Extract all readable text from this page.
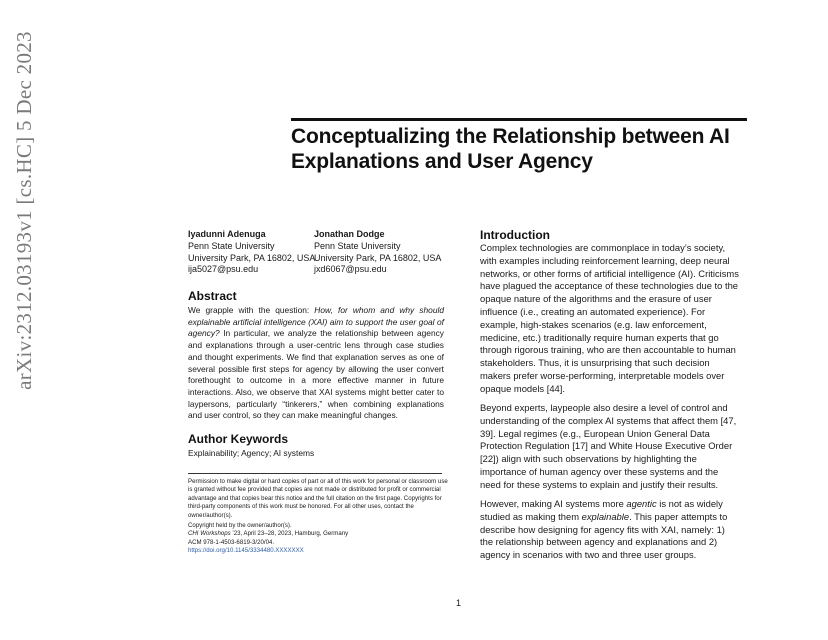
arXiv:2312.03193v1 [cs.HC] 5 Dec 2023	Conceptualizing the Relationship between AI Explanations and User Agency
Iyadunni Adenuga
Penn State University
University Park, PA 16802, USA
ija5027@psu.edu
Jonathan Dodge
Penn State University
University Park, PA 16802, USA
jxd6067@psu.edu
Abstract

We grapple with the question: How, for whom and why should explainable artificial intelligence (XAI) aim to support the user goal of agency? In particular, we analyze the relationship between agency and explanations through a user-centric lens through case studies and thought experiments. We find that explanation serves as one of several possible first steps for agency by allowing the user convert forethought to outcome in a more effective manner in future interactions. Also, we observe that XAI systems might better cater to laypersons, particularly “tinkerers,” when combining explanations and user control, so they can make meaningful changes.

Author Keywords

Explainability; Agency; AI systems

Permission to make digital or hard copies of part or all of this work for personal or classroom use is granted without fee provided that copies are not made or distributed for profit or commercial advantage and that copies bear this notice and the full citation on the first page. Copyrights for third-party components of this work must be honored. For all other uses, contact the owner/author(s).

Copyright held by the owner/author(s).
CHI Workshops ’23, April 23–28, 2023, Hamburg, Germany
ACM 978-1-4503-6819-3/20/04.
https://doi.org/10.1145/3334480.XXXXXXX
Introduction

Complex technologies are commonplace in today’s society, with examples including reinforcement learning, deep neural networks, or other forms of artificial intelligence (AI). Criticisms have plagued the acceptance of these technologies due to the opaque nature of the algorithms and the erasure of user influence (i.e., creating an automated experience). For example, high-stakes scenarios (e.g. law enforcement, medicine, etc.) traditionally require human experts that go through rigorous training, who are then accountable to human stakeholders. Thus, it is unsurprising that such decision makers prefer worse-performing, interpretable models over opaque models [44].

Beyond experts, laypeople also desire a level of control and understanding of the complex AI systems that affect them [47, 39]. Legal regimes (e.g., European Union General Data Protection Regulation [17] and White House Executive Order [22]) align with such observations by highlighting the importance of human agency over these systems and the need for these systems to explain and justify their results.

However, making AI systems more agentic is not as widely studied as making them explainable. This paper attempts to describe how designing for agency fits with XAI, namely: 1) the relationship between agency and explanations and 2) agency in scenarios with two and three user groups.

1
